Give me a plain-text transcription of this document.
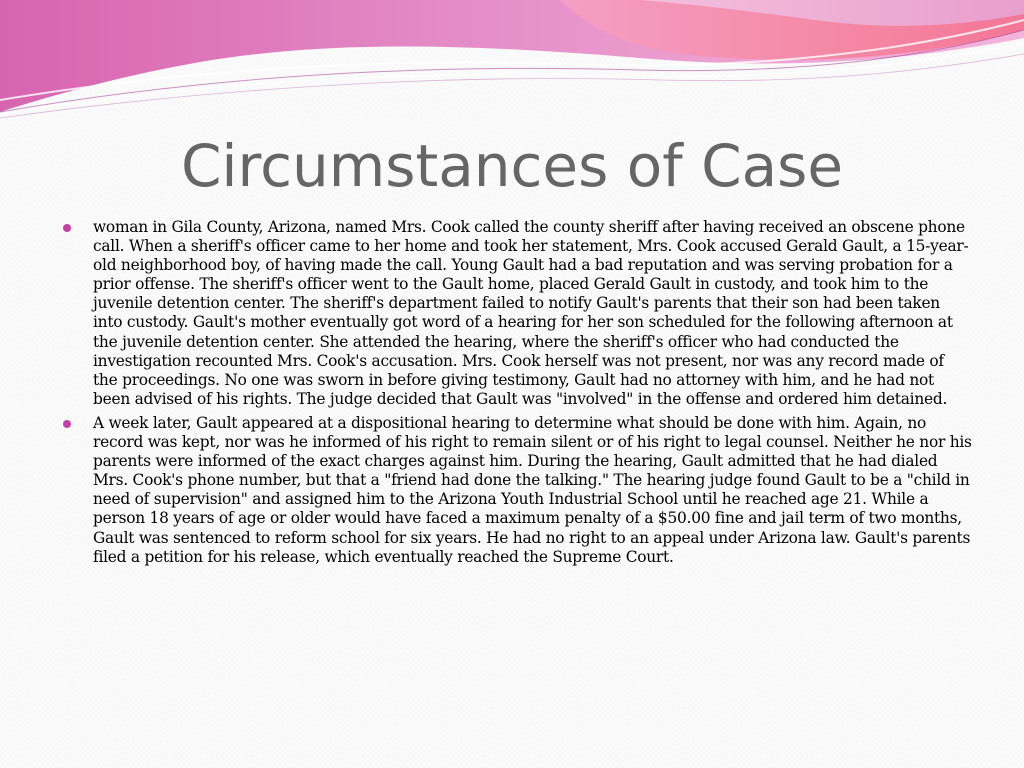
Circumstances of Case
woman in Gila County, Arizona, named Mrs. Cook called the county sheriff after having received an obscene phone call. When a sheriff's officer came to her home and took her statement, Mrs. Cook accused Gerald Gault, a 15-year-old neighborhood boy, of having made the call. Young Gault had a bad reputation and was serving probation for a prior offense. The sheriff's officer went to the Gault home, placed Gerald Gault in custody, and took him to the juvenile detention center. The sheriff's department failed to notify Gault's parents that their son had been taken into custody. Gault's mother eventually got word of a hearing for her son scheduled for the following afternoon at the juvenile detention center. She attended the hearing, where the sheriff's officer who had conducted the investigation recounted Mrs. Cook's accusation. Mrs. Cook herself was not present, nor was any record made of the proceedings. No one was sworn in before giving testimony, Gault had no attorney with him, and he had not been advised of his rights. The judge decided that Gault was "involved" in the offense and ordered him detained.
A week later, Gault appeared at a dispositional hearing to determine what should be done with him. Again, no record was kept, nor was he informed of his right to remain silent or of his right to legal counsel. Neither he nor his parents were informed of the exact charges against him. During the hearing, Gault admitted that he had dialed Mrs. Cook's phone number, but that a "friend had done the talking." The hearing judge found Gault to be a "child in need of supervision" and assigned him to the Arizona Youth Industrial School until he reached age 21. While a person 18 years of age or older would have faced a maximum penalty of a $50.00 fine and jail term of two months, Gault was sentenced to reform school for six years. He had no right to an appeal under Arizona law. Gault's parents filed a petition for his release, which eventually reached the Supreme Court.
